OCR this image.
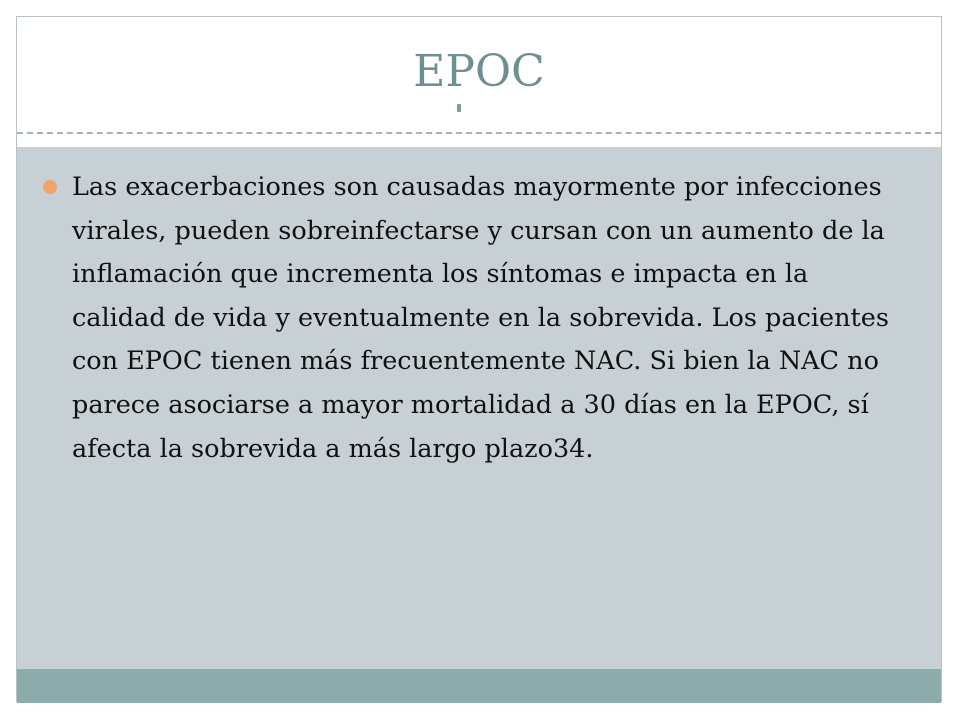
EPOC

Las exacerbaciones son causadas mayormente por infecciones virales, pueden sobreinfectarse y cursan con un aumento de la inflamación que incrementa los síntomas e impacta en la calidad de vida y eventualmente en la sobrevida. Los pacientes con EPOC tienen más frecuentemente NAC. Si bien la NAC no parece asociarse a mayor mortalidad a 30 días en la EPOC, sí afecta la sobrevida a más largo plazo34.
